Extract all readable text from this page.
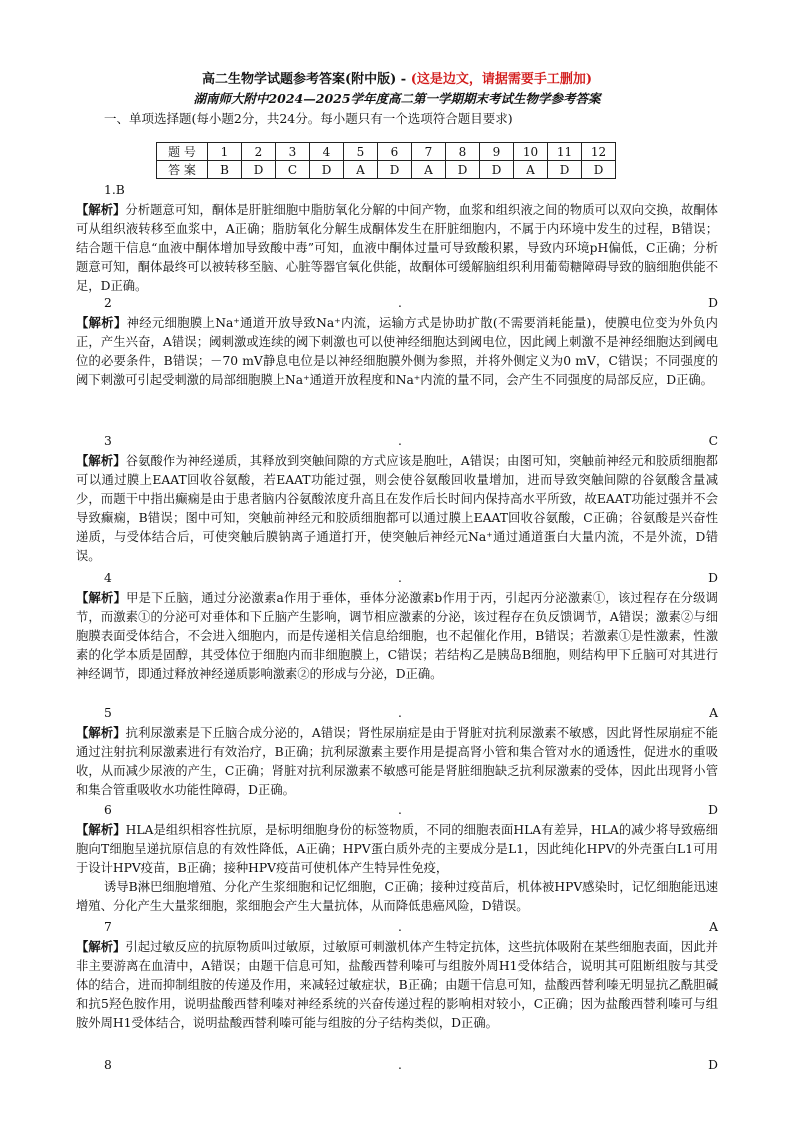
高二生物学试题参考答案(附中版) - (这是边文，请据需要手工删加)
湖南师大附中2024—2025学年度高二第一学期期末考试生物学参考答案
一、单项选择题(每小题2分，共24分。每小题只有一个选项符合题目要求)
题 号	1	2	3	4	5	6	7	8	9	10	11	12
答 案	B	D	C	D	A	D	A	D	D	A	D	D
1.B
【解析】分析题意可知，酮体是肝脏细胞中脂肪氧化分解的中间产物，血浆和组织液之间的物质可以双向交换，故酮体可从组织液转移至血浆中，A正确；脂肪氧化分解生成酮体发生在肝脏细胞内，不属于内环境中发生的过程，B错误；结合题干信息“血液中酮体增加导致酸中毒”可知，血液中酮体过量可导致酸积累，导致内环境pH偏低，C正确；分析题意可知，酮体最终可以被转移至脑、心脏等器官氧化供能，故酮体可缓解脑组织利用葡萄糖障碍导致的脑细胞供能不足，D正确。
2	.	D
【解析】神经元细胞膜上Na⁺通道开放导致Na⁺内流，运输方式是协助扩散(不需要消耗能量)，使膜电位变为外负内正，产生兴奋，A错误；阈刺激或连续的阈下刺激也可以使神经细胞达到阈电位，因此阈上刺激不是神经细胞达到阈电位的必要条件，B错误；－70 mV静息电位是以神经细胞膜外侧为参照，并将外侧定义为0 mV，C错误；不同强度的阈下刺激可引起受刺激的局部细胞膜上Na⁺通道开放程度和Na⁺内流的量不同，会产生不同强度的局部反应，D正确。
3	.	C
【解析】谷氨酸作为神经递质，其释放到突触间隙的方式应该是胞吐，A错误；由图可知，突触前神经元和胶质细胞都可以通过膜上EAAT回收谷氨酸，若EAAT功能过强，则会使谷氨酸回收量增加，进而导致突触间隙的谷氨酸含量减少，而题干中指出癫痫是由于患者脑内谷氨酸浓度升高且在发作后长时间内保持高水平所致，故EAAT功能过强并不会导致癫痫，B错误；图中可知，突触前神经元和胶质细胞都可以通过膜上EAAT回收谷氨酸，C正确；谷氨酸是兴奋性递质，与受体结合后，可使突触后膜钠离子通道打开，使突触后神经元Na⁺通过通道蛋白大量内流，不是外流，D错误。
4	.	D
【解析】甲是下丘脑，通过分泌激素a作用于垂体，垂体分泌激素b作用于丙，引起丙分泌激素①，该过程存在分级调节，而激素①的分泌可对垂体和下丘脑产生影响，调节相应激素的分泌，该过程存在负反馈调节，A错误；激素②与细胞膜表面受体结合，不会进入细胞内，而是传递相关信息给细胞，也不起催化作用，B错误；若激素①是性激素，性激素的化学本质是固醇，其受体位于细胞内而非细胞膜上，C错误；若结构乙是胰岛B细胞，则结构甲下丘脑可对其进行神经调节，即通过释放神经递质影响激素②的形成与分泌，D正确。
5	.	A
【解析】抗利尿激素是下丘脑合成分泌的，A错误；肾性尿崩症是由于肾脏对抗利尿激素不敏感，因此肾性尿崩症不能通过注射抗利尿激素进行有效治疗，B正确；抗利尿激素主要作用是提高肾小管和集合管对水的通透性，促进水的重吸收，从而减少尿液的产生，C正确；肾脏对抗利尿激素不敏感可能是肾脏细胞缺乏抗利尿激素的受体，因此出现肾小管和集合管重吸收水功能性障碍，D正确。
6	.	D
【解析】HLA是组织相容性抗原，是标明细胞身份的标签物质，不同的细胞表面HLA有差异，HLA的减少将导致癌细胞向T细胞呈递抗原信息的有效性降低，A正确；HPV蛋白质外壳的主要成分是L1，因此纯化HPV的外壳蛋白L1可用于设计HPV疫苗，B正确；接种HPV疫苗可使机体产生特异性免疫，
诱导B淋巴细胞增殖、分化产生浆细胞和记忆细胞，C正确；接种过疫苗后，机体被HPV感染时，记忆细胞能迅速增殖、分化产生大量浆细胞，浆细胞会产生大量抗体，从而降低患癌风险，D错误。
7	.	A
【解析】引起过敏反应的抗原物质叫过敏原，过敏原可刺激机体产生特定抗体，这些抗体吸附在某些细胞表面，因此并非主要游离在血清中，A错误；由题干信息可知，盐酸西替利嗪可与组胺外周H1受体结合，说明其可阻断组胺与其受体的结合，进而抑制组胺的传递及作用，来减轻过敏症状，B正确；由题干信息可知，盐酸西替利嗪无明显抗乙酰胆碱和抗5羟色胺作用，说明盐酸西替利嗪对神经系统的兴奋传递过程的影响相对较小，C正确；因为盐酸西替利嗪可与组胺外周H1受体结合，说明盐酸西替利嗪可能与组胺的分子结构类似，D正确。
8	.	D
